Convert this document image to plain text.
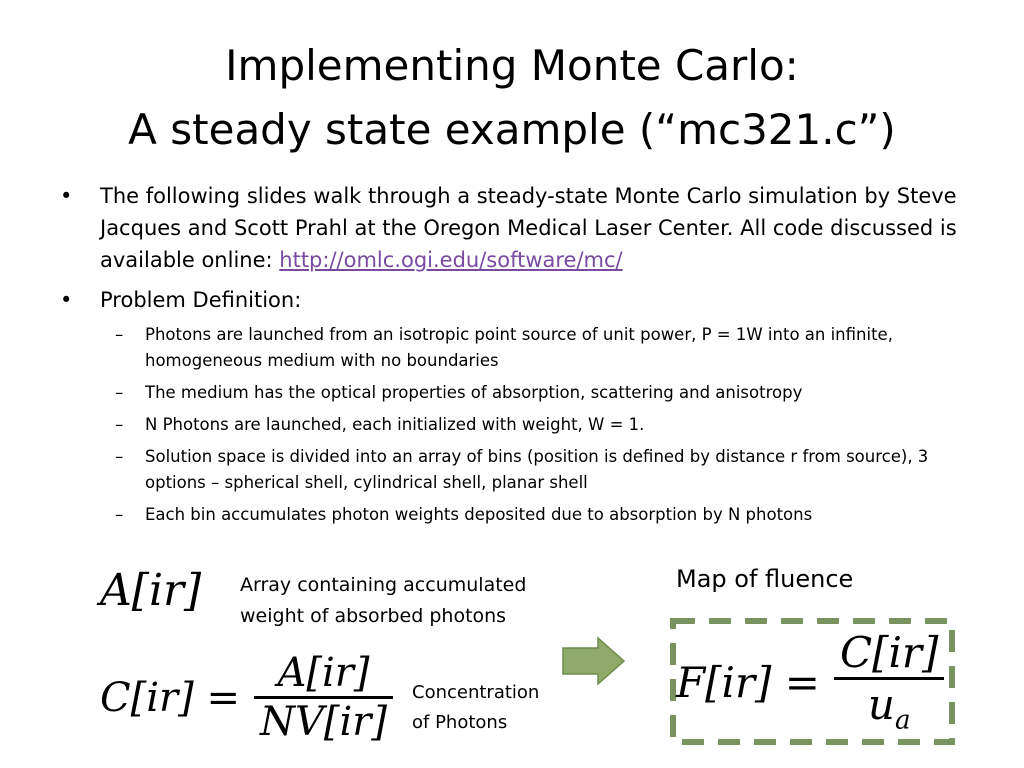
Implementing Monte Carlo:
A steady state example (“mc321.c”)
•	The following slides walk through a steady-state Monte Carlo simulation by Steve Jacques and Scott Prahl at the Oregon Medical Laser Center. All code discussed is available online: http://omlc.ogi.edu/software/mc/
•	Problem Definition:
– Photons are launched from an isotropic point source of unit power, P = 1W into an infinite, homogeneous medium with no boundaries
– The medium has the optical properties of absorption, scattering and anisotropy
– N Photons are launched, each initialized with weight, W = 1.
– Solution space is divided into an array of bins (position is defined by distance r from source), 3 options – spherical shell, cylindrical shell, planar shell
– Each bin accumulates photon weights deposited due to absorption by N photons
A[ir] Array containing accumulated
weight of absorbed photons
$C[ir] = \frac{A[ir]}{NV[ir]}$ Concentration
of Photons
Map of fluence
$F[ir] = \frac{C[ir]}{u_a}$
